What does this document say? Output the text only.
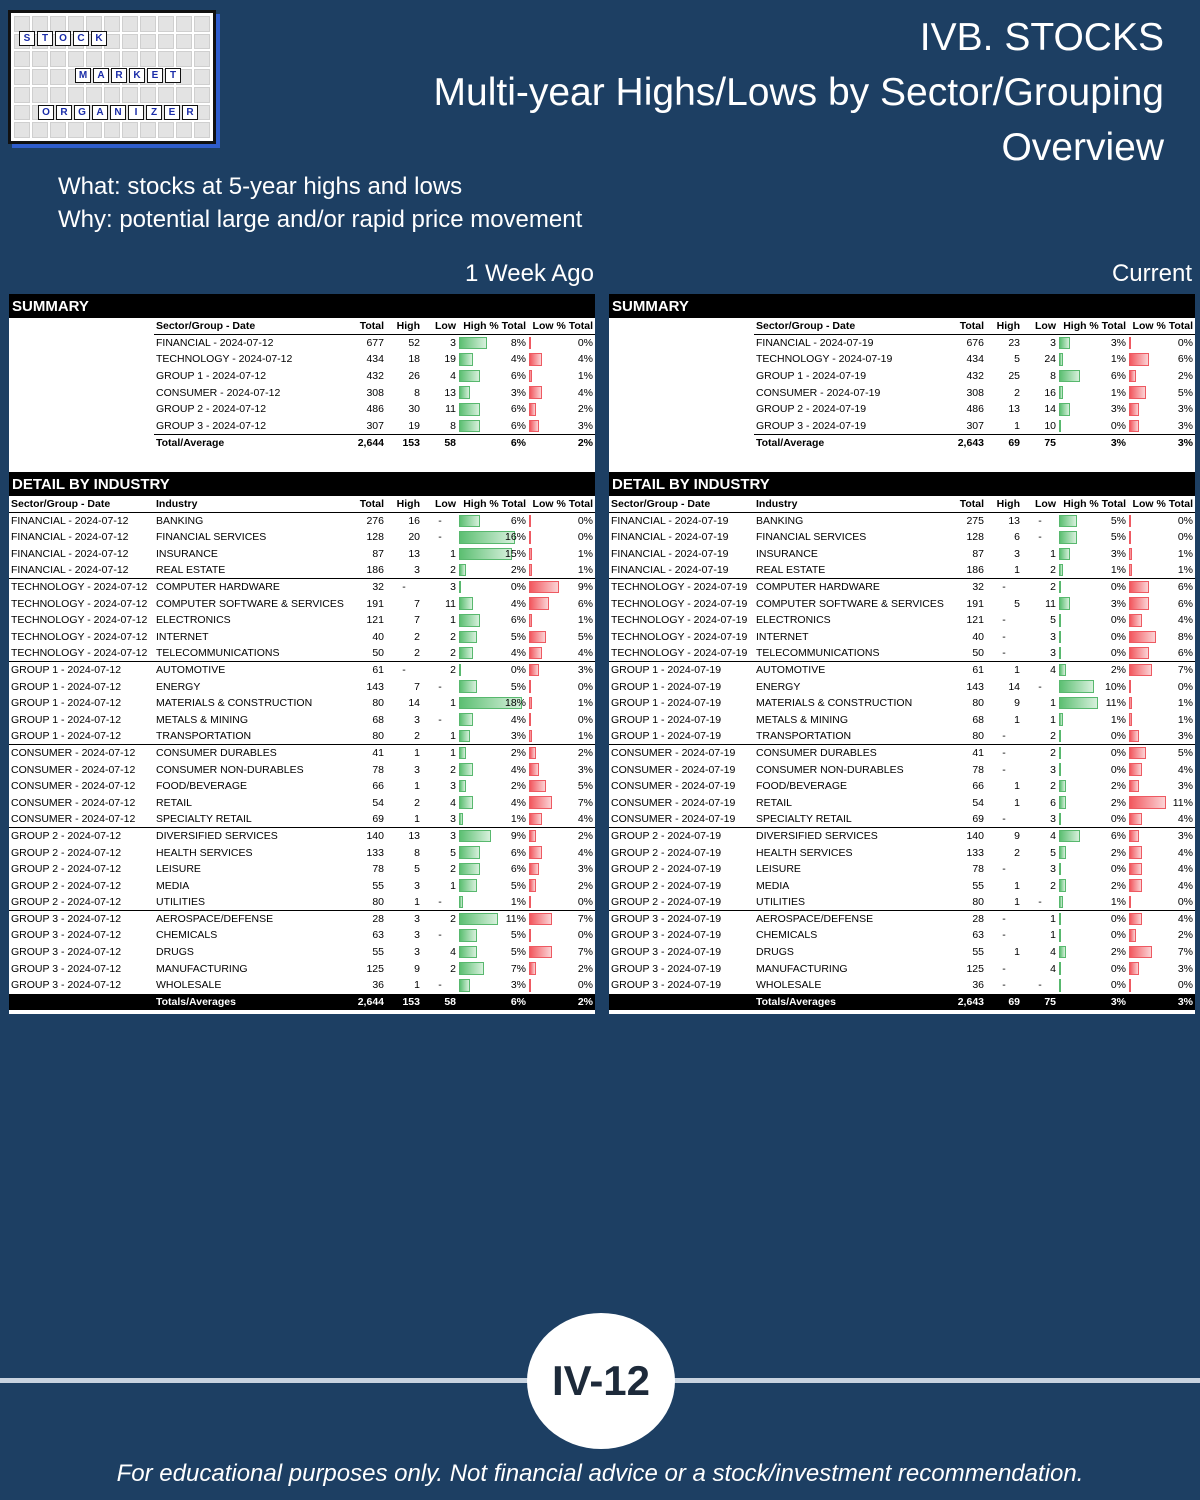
S	T	O	C	K
M	A	R	K	E	T
O	R	G	A	N	I	Z	E	R
IVB. STOCKS
Multi-year Highs/Lows by Sector/Grouping
Overview
What: stocks at 5-year highs and lows
Why: potential large and/or rapid price movement
1 Week Ago	Current
SUMMARY
	Sector/Group - Date	Total	High	Low	High % Total	Low % Total
	FINANCIAL - 2024-07-12	677	52	3	8%	0%
	TECHNOLOGY - 2024-07-12	434	18	19	4%	4%
	GROUP 1 - 2024-07-12	432	26	4	6%	1%
	CONSUMER - 2024-07-12	308	8	13	3%	4%
	GROUP 2 - 2024-07-12	486	30	11	6%	2%
	GROUP 3 - 2024-07-12	307	19	8	6%	3%
	Total/Average	2,644	153	58	6%	2%
DETAIL BY INDUSTRY
Sector/Group - Date	Industry	Total	High	Low	High % Total	Low % Total
FINANCIAL - 2024-07-12	BANKING	276	16	-	6%	0%
FINANCIAL - 2024-07-12	FINANCIAL SERVICES	128	20	-	16%	0%
FINANCIAL - 2024-07-12	INSURANCE	87	13	1	15%	1%
FINANCIAL - 2024-07-12	REAL ESTATE	186	3	2	2%	1%
TECHNOLOGY - 2024-07-12	COMPUTER HARDWARE	32	-	3	0%	9%
TECHNOLOGY - 2024-07-12	COMPUTER SOFTWARE & SERVICES	191	7	11	4%	6%
TECHNOLOGY - 2024-07-12	ELECTRONICS	121	7	1	6%	1%
TECHNOLOGY - 2024-07-12	INTERNET	40	2	2	5%	5%
TECHNOLOGY - 2024-07-12	TELECOMMUNICATIONS	50	2	2	4%	4%
GROUP 1 - 2024-07-12	AUTOMOTIVE	61	-	2	0%	3%
GROUP 1 - 2024-07-12	ENERGY	143	7	-	5%	0%
GROUP 1 - 2024-07-12	MATERIALS & CONSTRUCTION	80	14	1	18%	1%
GROUP 1 - 2024-07-12	METALS & MINING	68	3	-	4%	0%
GROUP 1 - 2024-07-12	TRANSPORTATION	80	2	1	3%	1%
CONSUMER - 2024-07-12	CONSUMER DURABLES	41	1	1	2%	2%
CONSUMER - 2024-07-12	CONSUMER NON-DURABLES	78	3	2	4%	3%
CONSUMER - 2024-07-12	FOOD/BEVERAGE	66	1	3	2%	5%
CONSUMER - 2024-07-12	RETAIL	54	2	4	4%	7%
CONSUMER - 2024-07-12	SPECIALTY RETAIL	69	1	3	1%	4%
GROUP 2 - 2024-07-12	DIVERSIFIED SERVICES	140	13	3	9%	2%
GROUP 2 - 2024-07-12	HEALTH SERVICES	133	8	5	6%	4%
GROUP 2 - 2024-07-12	LEISURE	78	5	2	6%	3%
GROUP 2 - 2024-07-12	MEDIA	55	3	1	5%	2%
GROUP 2 - 2024-07-12	UTILITIES	80	1	-	1%	0%
GROUP 3 - 2024-07-12	AEROSPACE/DEFENSE	28	3	2	11%	7%
GROUP 3 - 2024-07-12	CHEMICALS	63	3	-	5%	0%
GROUP 3 - 2024-07-12	DRUGS	55	3	4	5%	7%
GROUP 3 - 2024-07-12	MANUFACTURING	125	9	2	7%	2%
GROUP 3 - 2024-07-12	WHOLESALE	36	1	-	3%	0%
	Totals/Averages	2,644	153	58	6%	2%
SUMMARY
	Sector/Group - Date	Total	High	Low	High % Total	Low % Total
	FINANCIAL - 2024-07-19	676	23	3	3%	0%
	TECHNOLOGY - 2024-07-19	434	5	24	1%	6%
	GROUP 1 - 2024-07-19	432	25	8	6%	2%
	CONSUMER - 2024-07-19	308	2	16	1%	5%
	GROUP 2 - 2024-07-19	486	13	14	3%	3%
	GROUP 3 - 2024-07-19	307	1	10	0%	3%
	Total/Average	2,643	69	75	3%	3%
DETAIL BY INDUSTRY
Sector/Group - Date	Industry	Total	High	Low	High % Total	Low % Total
FINANCIAL - 2024-07-19	BANKING	275	13	-	5%	0%
FINANCIAL - 2024-07-19	FINANCIAL SERVICES	128	6	-	5%	0%
FINANCIAL - 2024-07-19	INSURANCE	87	3	1	3%	1%
FINANCIAL - 2024-07-19	REAL ESTATE	186	1	2	1%	1%
TECHNOLOGY - 2024-07-19	COMPUTER HARDWARE	32	-	2	0%	6%
TECHNOLOGY - 2024-07-19	COMPUTER SOFTWARE & SERVICES	191	5	11	3%	6%
TECHNOLOGY - 2024-07-19	ELECTRONICS	121	-	5	0%	4%
TECHNOLOGY - 2024-07-19	INTERNET	40	-	3	0%	8%
TECHNOLOGY - 2024-07-19	TELECOMMUNICATIONS	50	-	3	0%	6%
GROUP 1 - 2024-07-19	AUTOMOTIVE	61	1	4	2%	7%
GROUP 1 - 2024-07-19	ENERGY	143	14	-	10%	0%
GROUP 1 - 2024-07-19	MATERIALS & CONSTRUCTION	80	9	1	11%	1%
GROUP 1 - 2024-07-19	METALS & MINING	68	1	1	1%	1%
GROUP 1 - 2024-07-19	TRANSPORTATION	80	-	2	0%	3%
CONSUMER - 2024-07-19	CONSUMER DURABLES	41	-	2	0%	5%
CONSUMER - 2024-07-19	CONSUMER NON-DURABLES	78	-	3	0%	4%
CONSUMER - 2024-07-19	FOOD/BEVERAGE	66	1	2	2%	3%
CONSUMER - 2024-07-19	RETAIL	54	1	6	2%	11%
CONSUMER - 2024-07-19	SPECIALTY RETAIL	69	-	3	0%	4%
GROUP 2 - 2024-07-19	DIVERSIFIED SERVICES	140	9	4	6%	3%
GROUP 2 - 2024-07-19	HEALTH SERVICES	133	2	5	2%	4%
GROUP 2 - 2024-07-19	LEISURE	78	-	3	0%	4%
GROUP 2 - 2024-07-19	MEDIA	55	1	2	2%	4%
GROUP 2 - 2024-07-19	UTILITIES	80	1	-	1%	0%
GROUP 3 - 2024-07-19	AEROSPACE/DEFENSE	28	-	1	0%	4%
GROUP 3 - 2024-07-19	CHEMICALS	63	-	1	0%	2%
GROUP 3 - 2024-07-19	DRUGS	55	1	4	2%	7%
GROUP 3 - 2024-07-19	MANUFACTURING	125	-	4	0%	3%
GROUP 3 - 2024-07-19	WHOLESALE	36	-	-	0%	0%
	Totals/Averages	2,643	69	75	3%	3%
IV-12
For educational purposes only. Not financial advice or a stock/investment recommendation.
